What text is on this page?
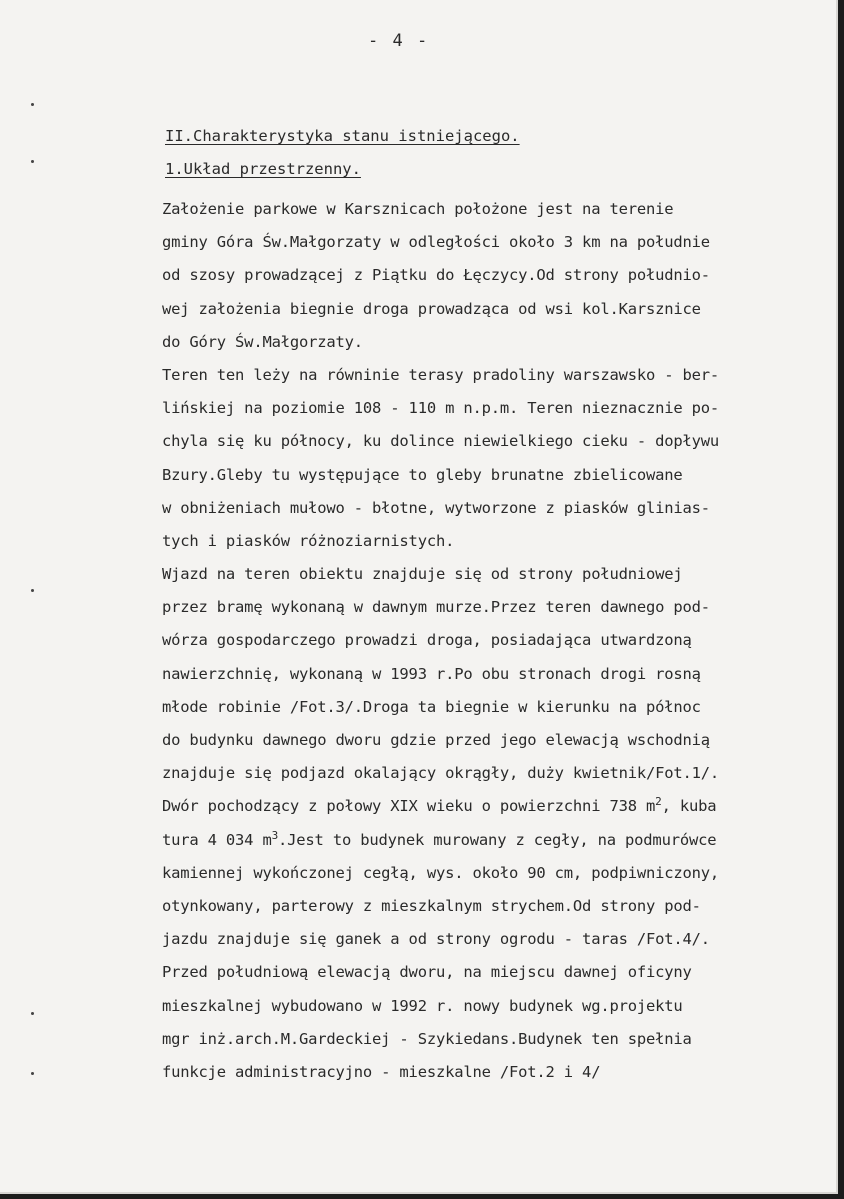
- 4 -

II.Charakterystyka stanu istniejącego.

1.Układ przestrzenny.

Założenie parkowe w Karsznicach położone jest na terenie
gminy Góra Św.Małgorzaty w odległości około 3 km na południe
od szosy prowadzącej z Piątku do Łęczycy.Od strony południo-
wej założenia biegnie droga prowadząca od wsi kol.Karsznice
do Góry Św.Małgorzaty.
Teren ten leży na równinie terasy pradoliny warszawsko - ber-
lińskiej na poziomie 108 - 110 m n.p.m. Teren nieznacznie po-
chyla się ku północy, ku dolince niewielkiego cieku - dopływu
Bzury.Gleby tu występujące to gleby brunatne zbielicowane
w obniżeniach mułowo - błotne, wytworzone z piasków glinias-
tych i piasków różnoziarnistych.
Wjazd na teren obiektu znajduje się od strony południowej
przez bramę wykonaną w dawnym murze.Przez teren dawnego pod-
wórza gospodarczego prowadzi droga, posiadająca utwardzoną
nawierzchnię, wykonaną w 1993 r.Po obu stronach drogi rosną
młode robinie /Fot.3/.Droga ta biegnie w kierunku na północ
do budynku dawnego dworu gdzie przed jego elewacją wschodnią
znajduje się podjazd okalający okrągły, duży kwietnik/Fot.1/.
Dwór pochodzący z połowy XIX wieku o powierzchni 738 $m^2$, kuba
tura 4 034 $m^3.Jest$ to budynek murowany z cegły, na podmurówce
kamiennej wykończonej cegłą, wys. około 90 cm, podpiwniczony,
otynkowany, parterowy z mieszkalnym strychem.Od strony pod-
jazdu znajduje się ganek a od strony ogrodu - taras /Fot.4/.
Przed południową elewacją dworu, na miejscu dawnej oficyny
mieszkalnej wybudowano w 1992 r. nowy budynek wg.projektu
mgr inż.arch.M.Gardeckiej - Szykiedans.Budynek ten spełnia
funkcje administracyjno - mieszkalne /Fot.2 i 4/
